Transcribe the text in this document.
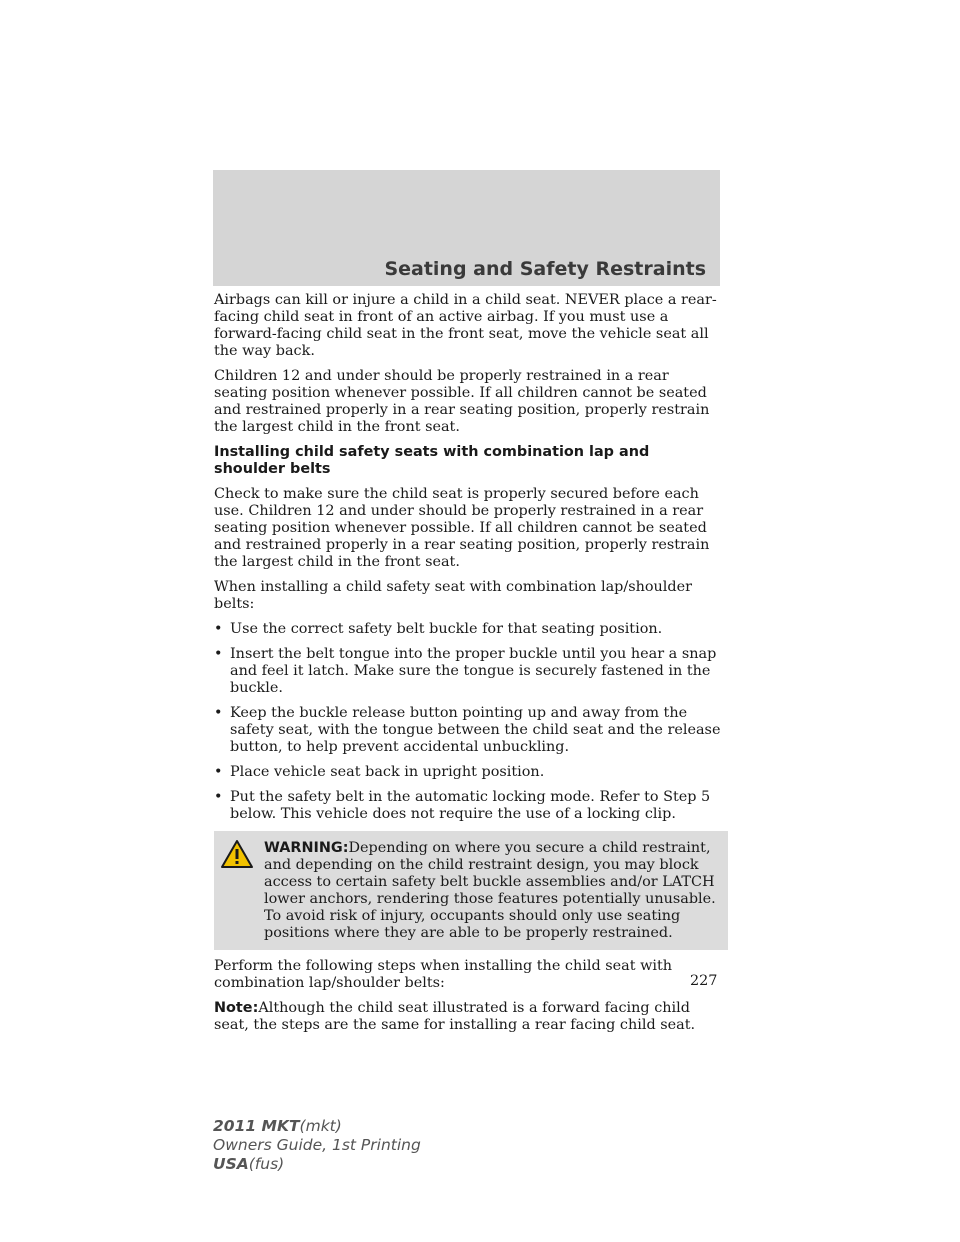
Seating and Safety Restraints

Airbags can kill or injure a child in a child seat. NEVER place a rear-facing child seat in front of an active airbag. If you must use a forward-facing child seat in the front seat, move the vehicle seat all the way back.

Children 12 and under should be properly restrained in a rear seating position whenever possible. If all children cannot be seated and restrained properly in a rear seating position, properly restrain the largest child in the front seat.

Installing child safety seats with combination lap and shoulder belts

Check to make sure the child seat is properly secured before each use. Children 12 and under should be properly restrained in a rear seating position whenever possible. If all children cannot be seated and restrained properly in a rear seating position, properly restrain the largest child in the front seat.

When installing a child safety seat with combination lap/shoulder belts:

• Use the correct safety belt buckle for that seating position.
• Insert the belt tongue into the proper buckle until you hear a snap and feel it latch. Make sure the tongue is securely fastened in the buckle.
• Keep the buckle release button pointing up and away from the safety seat, with the tongue between the child seat and the release button, to help prevent accidental unbuckling.
• Place vehicle seat back in upright position.
• Put the safety belt in the automatic locking mode. Refer to Step 5 below. This vehicle does not require the use of a locking clip.
WARNING:Depending on where you secure a child restraint, and depending on the child restraint design, you may block access to certain safety belt buckle assemblies and/or LATCH lower anchors, rendering those features potentially unusable. To avoid risk of injury, occupants should only use seating positions where they are able to be properly restrained.

Perform the following steps when installing the child seat with combination lap/shoulder belts:

Note:Although the child seat illustrated is a forward facing child seat, the steps are the same for installing a rear facing child seat.

227
2011 MKT(mkt)
Owners Guide, 1st Printing
USA(fus)
